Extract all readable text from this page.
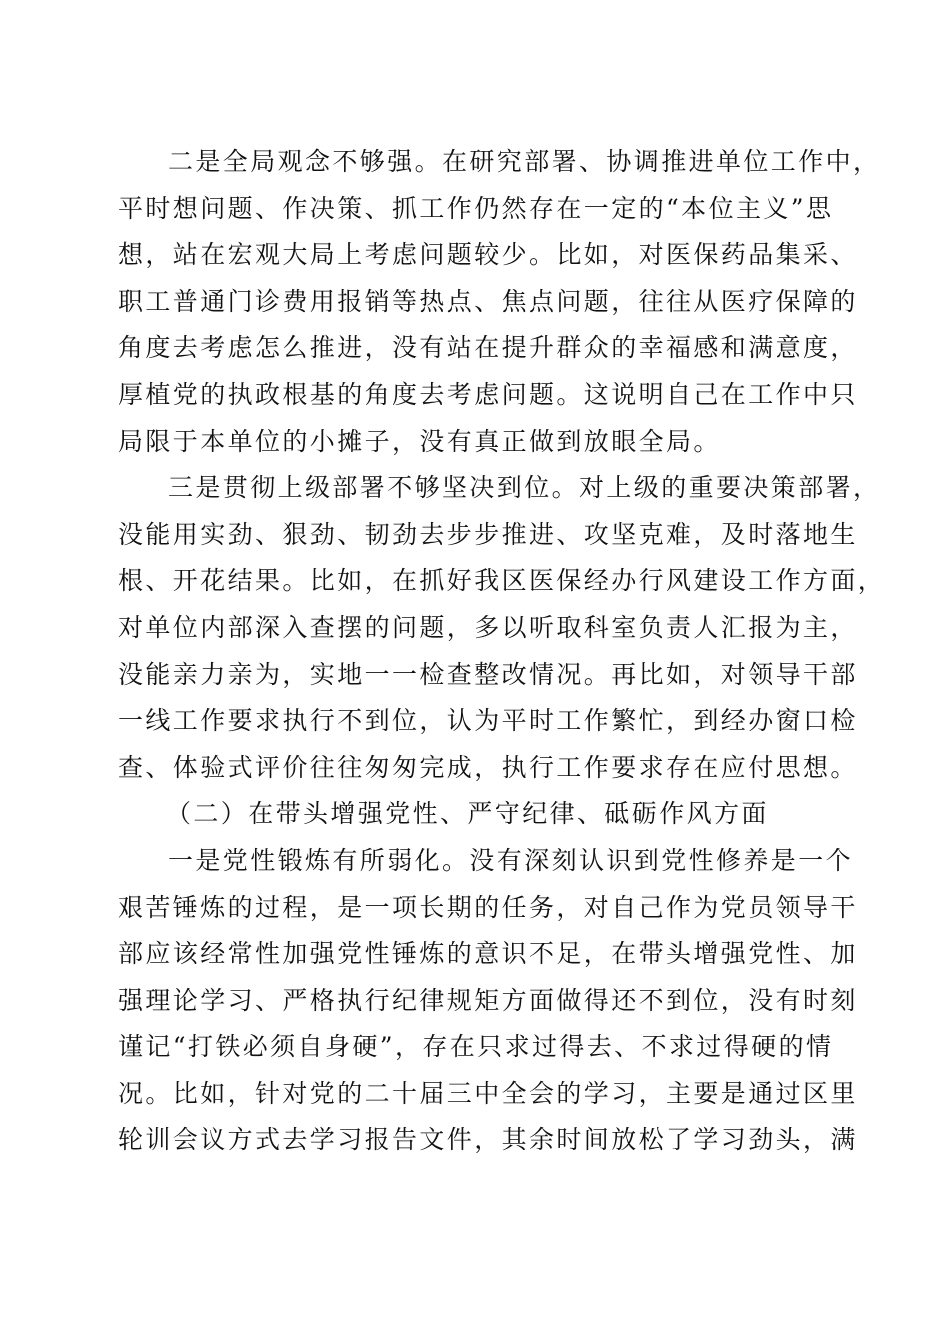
二是全局观念不够强。在研究部署、协调推进单位工作中，
平时想问题、作决策、抓工作仍然存在一定的“本位主义”思
想，站在宏观大局上考虑问题较少。比如，对医保药品集采、
职工普通门诊费用报销等热点、焦点问题，往往从医疗保障的
角度去考虑怎么推进，没有站在提升群众的幸福感和满意度，
厚植党的执政根基的角度去考虑问题。这说明自己在工作中只
局限于本单位的小摊子，没有真正做到放眼全局。
三是贯彻上级部署不够坚决到位。对上级的重要决策部署，
没能用实劲、狠劲、韧劲去步步推进、攻坚克难，及时落地生
根、开花结果。比如，在抓好我区医保经办行风建设工作方面，
对单位内部深入查摆的问题，多以听取科室负责人汇报为主，
没能亲力亲为，实地一一检查整改情况。再比如，对领导干部
一线工作要求执行不到位，认为平时工作繁忙，到经办窗口检
查、体验式评价往往匆匆完成，执行工作要求存在应付思想。
（二）在带头增强党性、严守纪律、砥砺作风方面
一是党性锻炼有所弱化。没有深刻认识到党性修养是一个
艰苦锤炼的过程，是一项长期的任务，对自己作为党员领导干
部应该经常性加强党性锤炼的意识不足，在带头增强党性、加
强理论学习、严格执行纪律规矩方面做得还不到位，没有时刻
谨记“打铁必须自身硬”，存在只求过得去、不求过得硬的情
况。比如，针对党的二十届三中全会的学习，主要是通过区里
轮训会议方式去学习报告文件，其余时间放松了学习劲头，满
